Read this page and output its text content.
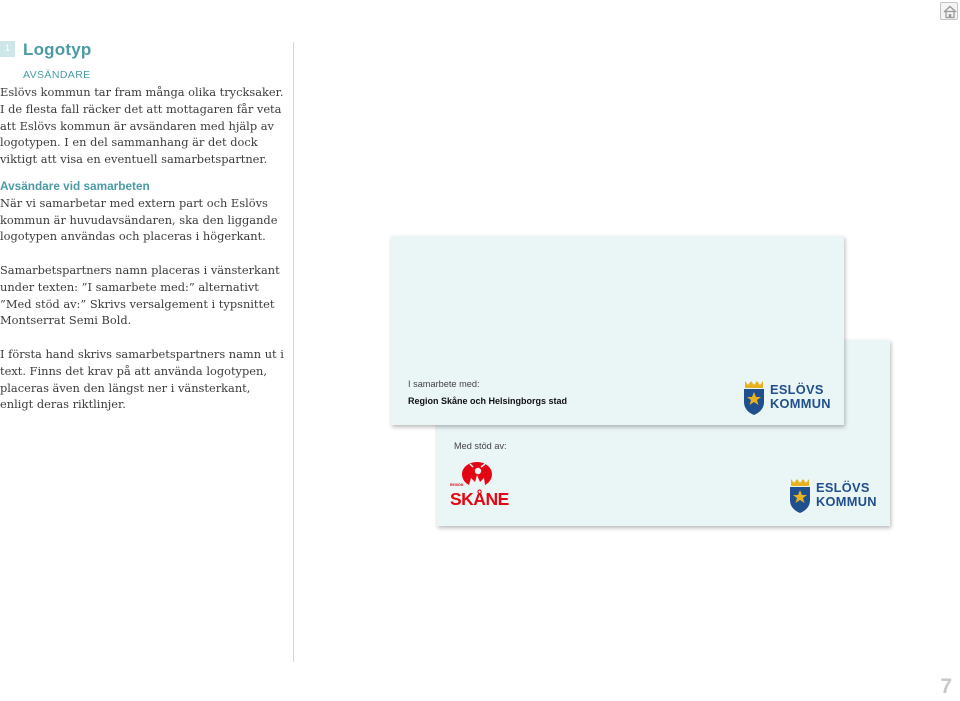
1 Logotyp
AVSÄNDARE

Eslövs kommun tar fram många olika trycksaker. I de flesta fall räcker det att mottagaren får veta att Eslövs kommun är avsändaren med hjälp av logotypen. I en del sammanhang är det dock viktigt att visa en eventuell samarbetspartner.

Avsändare vid samarbeten

När vi samarbetar med extern part och Eslövs kommun är huvudavsändaren, ska den liggande logotypen användas och placeras i högerkant.

Samarbetspartners namn placeras i vänsterkant under texten: ”I samarbete med:” alternativt ”Med stöd av:” Skrivs versalgement i typsnittet Montserrat Semi Bold.

I första hand skrivs samarbetspartners namn ut i text. Finns det krav på att använda logotypen, placeras även den längst ner i vänsterkant, enligt deras riktlinjer.

Med stöd av:
REGION
SKÅNE
ESLÖVS
KOMMUN
I samarbete med:
Region Skåne och Helsingborgs stad
ESLÖVS
KOMMUN
7
